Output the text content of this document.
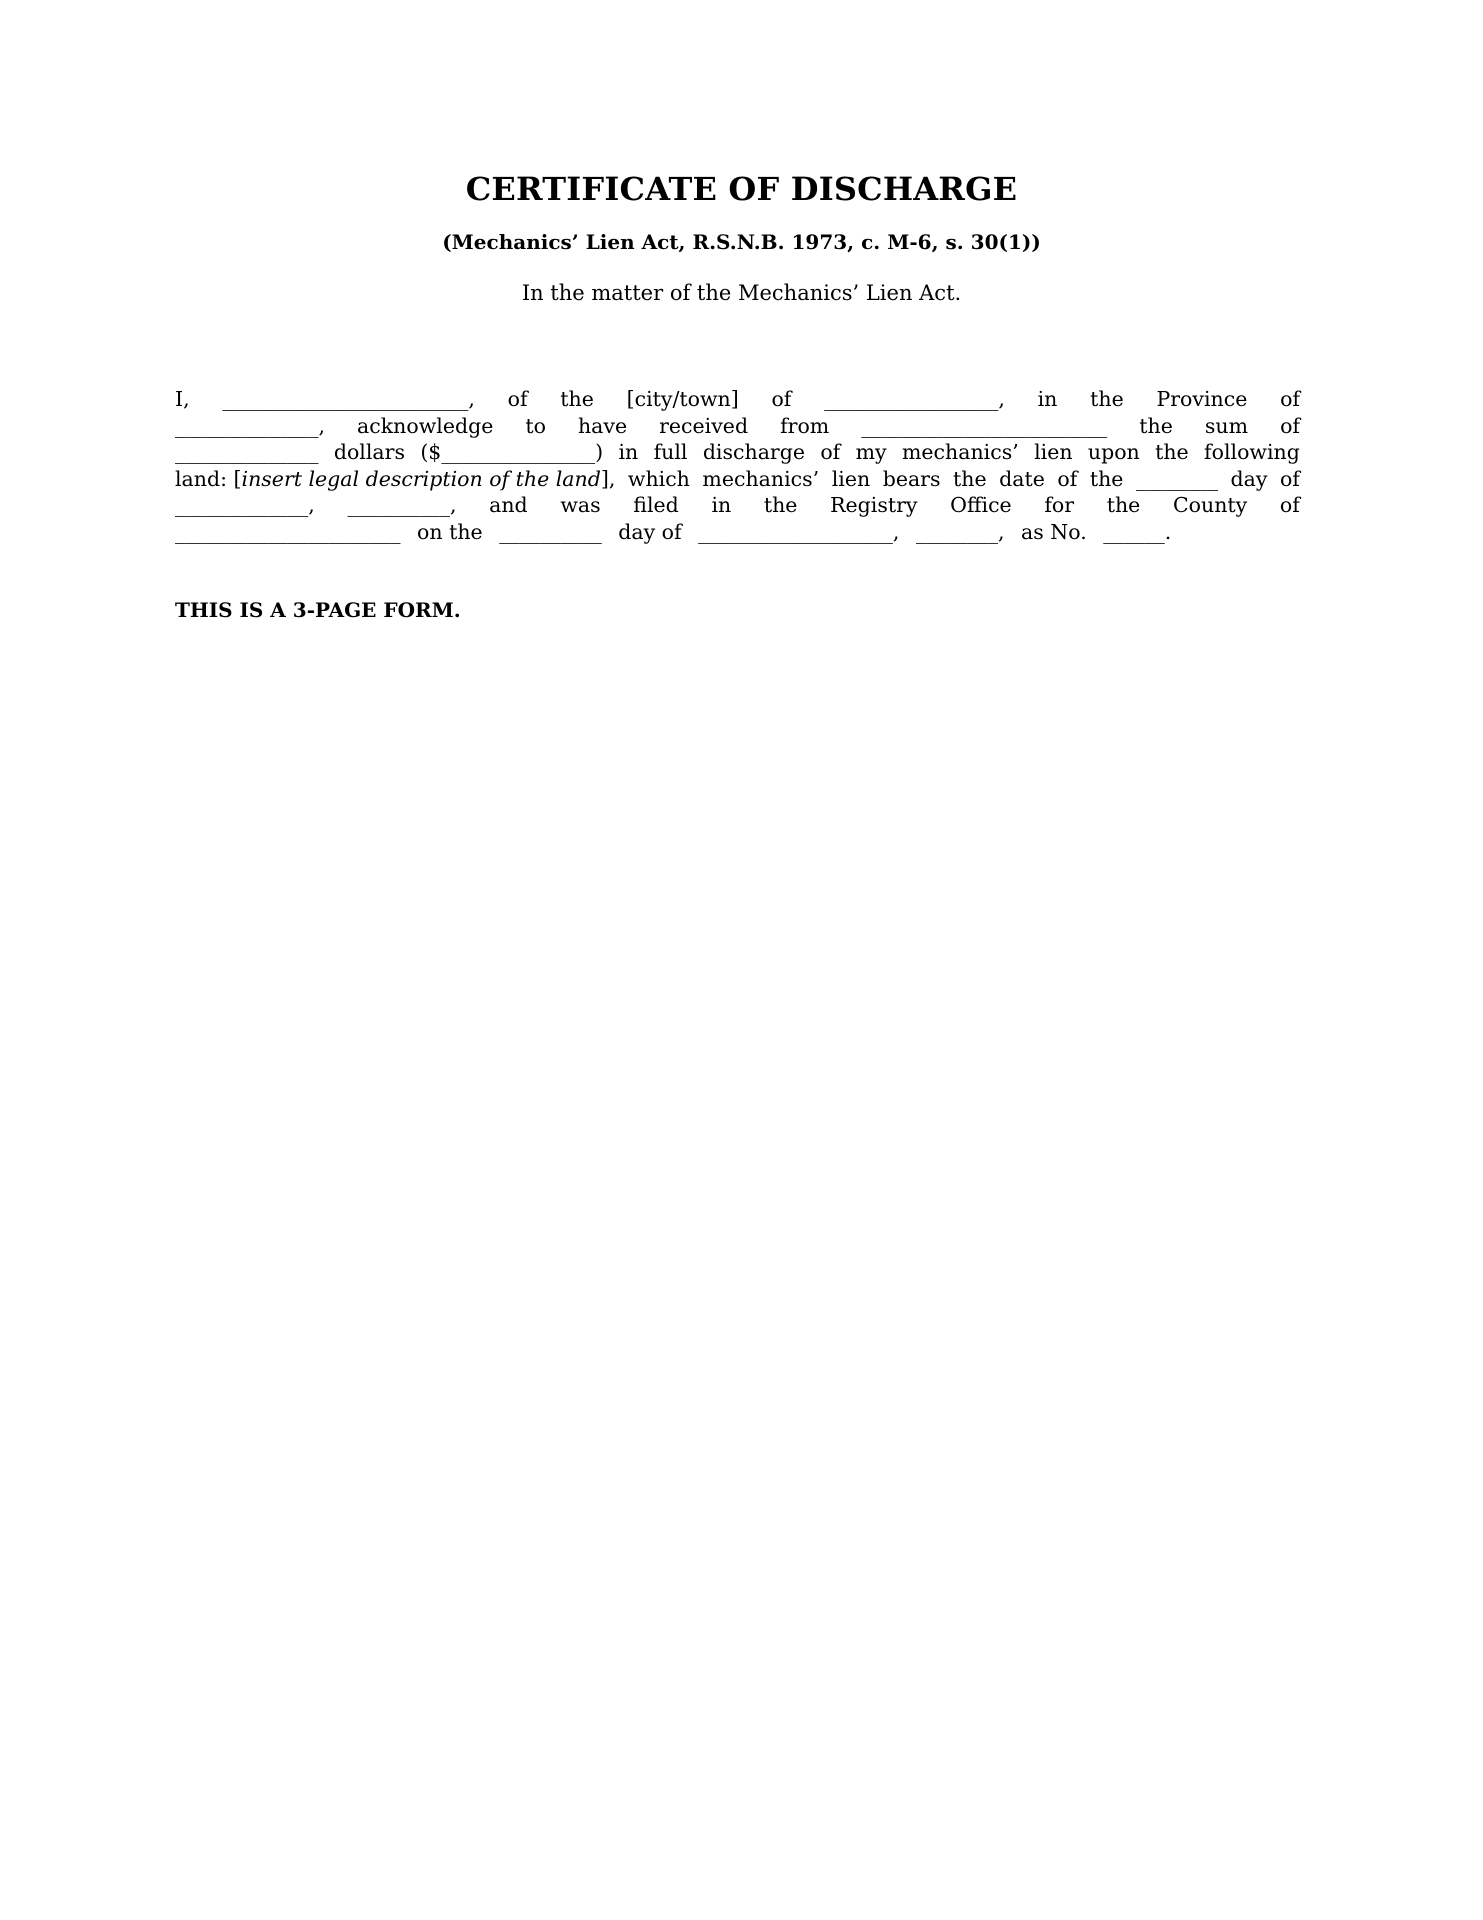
CERTIFICATE OF DISCHARGE
(Mechanics’ Lien Act, R.S.N.B. 1973, c. M-6, s. 30(1))
In the matter of the Mechanics’ Lien Act.
I, ________________________, of the [city/town] of _________________, in the Province of
______________, acknowledge to have received from ________________________ the sum of
______________ dollars ($_______________) in full discharge of my mechanics’ lien upon the following
land: [insert legal description of the land], which mechanics’ lien bears the date of the ________ day of
_____________, __________, and was filed in the Registry Office for the County of
______________________ on the __________ day of ___________________, ________, as No. ______.
THIS IS A 3-PAGE FORM.
